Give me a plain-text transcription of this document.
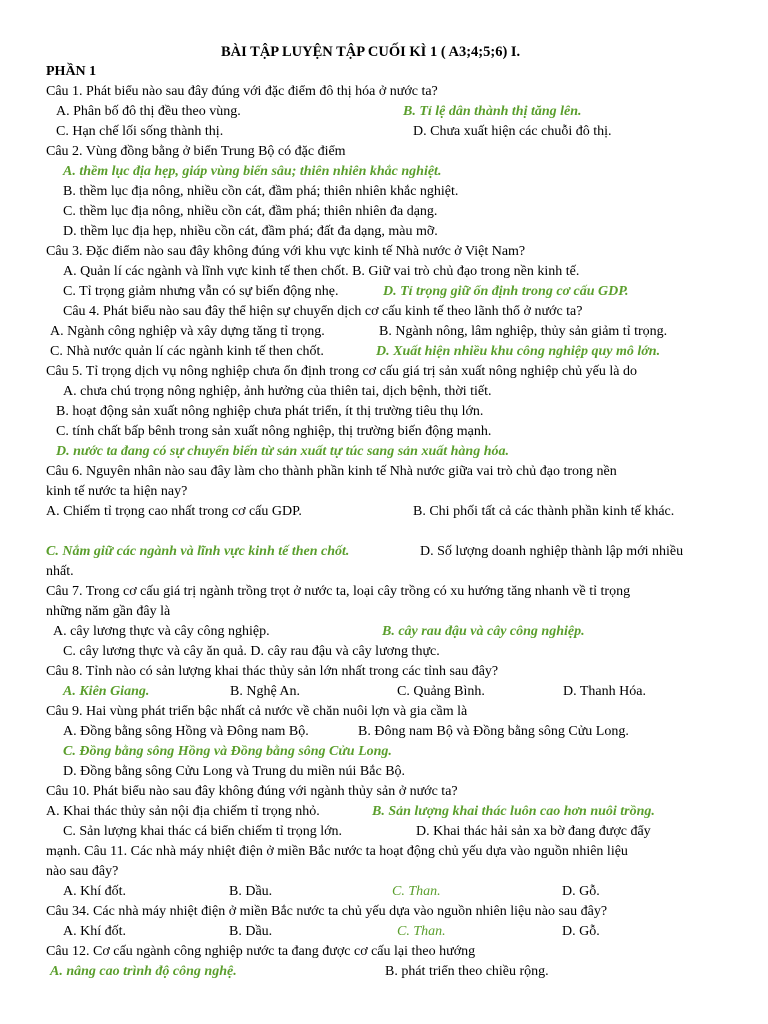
BÀI TẬP LUYỆN TẬP CUỐI KÌ 1 ( A3;4;5;6) I.
PHẦN 1
Câu 1. Phát biểu nào sau đây đúng với đặc điểm đô thị hóa ở nước ta?
A. Phân bố đô thị đều theo vùng.	B. Tỉ lệ dân thành thị tăng lên.
C. Hạn chế lối sống thành thị.	D. Chưa xuất hiện các chuỗi đô thị.
Câu 2. Vùng đồng bằng ở biển Trung Bộ có đặc điểm
A. thềm lục địa hẹp, giáp vùng biển sâu; thiên nhiên khắc nghiệt.
B. thềm lục địa nông, nhiều cồn cát, đầm phá; thiên nhiên khắc nghiệt.
C. thềm lục địa nông, nhiều cồn cát, đầm phá; thiên nhiên đa dạng.
D. thềm lục địa hẹp, nhiều cồn cát, đầm phá; đất đa dạng, màu mỡ.
Câu 3. Đặc điểm nào sau đây không đúng với khu vực kinh tế Nhà nước ở Việt Nam?
A. Quản lí các ngành và lĩnh vực kinh tế then chốt. B. Giữ vai trò chủ đạo trong nền kinh tế.
C. Tỉ trọng giảm nhưng vẫn có sự biến động nhẹ.	D. Tỉ trọng giữ ổn định trong cơ cấu GDP.
Câu 4. Phát biểu nào sau đây thể hiện sự chuyển dịch cơ cấu kinh tế theo lãnh thổ ở nước ta?
A. Ngành công nghiệp và xây dựng tăng tỉ trọng.	B. Ngành nông, lâm nghiệp, thủy sản giảm tỉ trọng.
C. Nhà nước quản lí các ngành kinh tế then chốt.	D. Xuất hiện nhiều khu công nghiệp quy mô lớn.
Câu 5. Tỉ trọng dịch vụ nông nghiệp chưa ổn định trong cơ cấu giá trị sản xuất nông nghiệp chủ yếu là do
A. chưa chú trọng nông nghiệp, ảnh hưởng của thiên tai, dịch bệnh, thời tiết.
B. hoạt động sản xuất nông nghiệp chưa phát triển, ít thị trường tiêu thụ lớn.
C. tính chất bấp bênh trong sản xuất nông nghiệp, thị trường biến động mạnh.
D. nước ta đang có sự chuyển biến từ sản xuất tự túc sang sản xuất hàng hóa.
Câu 6. Nguyên nhân nào sau đây làm cho thành phần kinh tế Nhà nước giữa vai trò chủ đạo trong nền
kinh tế nước ta hiện nay?
A. Chiếm tỉ trọng cao nhất trong cơ cấu GDP.	B. Chi phối tất cả các thành phần kinh tế khác.
C. Nắm giữ các ngành và lĩnh vực kinh tế then chốt.	D. Số lượng doanh nghiệp thành lập mới nhiều
nhất.
Câu 7. Trong cơ cấu giá trị ngành trồng trọt ở nước ta, loại cây trồng có xu hướng tăng nhanh về tỉ trọng
những năm gần đây là
A. cây lương thực và cây công nghiệp.	B. cây rau đậu và cây công nghiệp.
C. cây lương thực và cây ăn quả. D. cây rau đậu và cây lương thực.
Câu 8. Tỉnh nào có sản lượng khai thác thủy sản lớn nhất trong các tỉnh sau đây?
A. Kiên Giang.	B. Nghệ An.	C. Quảng Bình.	D. Thanh Hóa.
Câu 9. Hai vùng phát triển bậc nhất cả nước về chăn nuôi lợn và gia cầm là
A. Đồng bằng sông Hồng và Đông nam Bộ.	B. Đông nam Bộ và Đồng bằng sông Cửu Long.
C. Đồng bằng sông Hồng và Đồng bằng sông Cửu Long.
D. Đồng bằng sông Cửu Long và Trung du miền núi Bắc Bộ.
Câu 10. Phát biểu nào sau đây không đúng với ngành thủy sản ở nước ta?
A. Khai thác thủy sản nội địa chiếm tỉ trọng nhỏ.	B. Sản lượng khai thác luôn cao hơn nuôi trồng.
C. Sản lượng khai thác cá biển chiếm tỉ trọng lớn.	D. Khai thác hải sản xa bờ đang được đẩy
mạnh. Câu 11. Các nhà máy nhiệt điện ở miền Bắc nước ta hoạt động chủ yếu dựa vào nguồn nhiên liệu
nào sau đây?
A. Khí đốt.	B. Dầu.	C. Than.	D. Gỗ.
Câu 34. Các nhà máy nhiệt điện ở miền Bắc nước ta chủ yếu dựa vào nguồn nhiên liệu nào sau đây?
A. Khí đốt.	B. Dầu.	C. Than.	D. Gỗ.
Câu 12. Cơ cấu ngành công nghiệp nước ta đang được cơ cấu lại theo hướng
A. nâng cao trình độ công nghệ.	B. phát triển theo chiều rộng.
